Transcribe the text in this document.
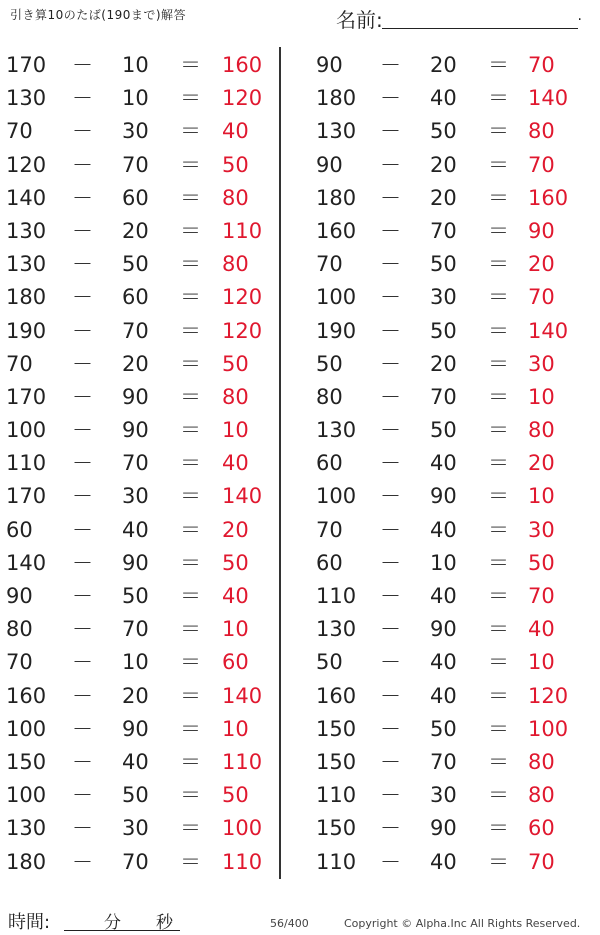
引き算10のたば(190まで)解答	名前:	.
170 － 10 ＝ 160
130 － 10 ＝ 120
70 － 30 ＝ 40
120 － 70 ＝ 50
140 － 60 ＝ 80
130 － 20 ＝ 110
130 － 50 ＝ 80
180 － 60 ＝ 120
190 － 70 ＝ 120
70 － 20 ＝ 50
170 － 90 ＝ 80
100 － 90 ＝ 10
110 － 70 ＝ 40
170 － 30 ＝ 140
60 － 40 ＝ 20
140 － 90 ＝ 50
90 － 50 ＝ 40
80 － 70 ＝ 10
70 － 10 ＝ 60
160 － 20 ＝ 140
100 － 90 ＝ 10
150 － 40 ＝ 110
100 － 50 ＝ 50
130 － 30 ＝ 100
180 － 70 ＝ 110
90 － 20 ＝ 70
180 － 40 ＝ 140
130 － 50 ＝ 80
90 － 20 ＝ 70
180 － 20 ＝ 160
160 － 70 ＝ 90
70 － 50 ＝ 20
100 － 30 ＝ 70
190 － 50 ＝ 140
50 － 20 ＝ 30
80 － 70 ＝ 10
130 － 50 ＝ 80
60 － 40 ＝ 20
100 － 90 ＝ 10
70 － 40 ＝ 30
60 － 10 ＝ 50
110 － 40 ＝ 70
130 － 90 ＝ 40
50 － 40 ＝ 10
160 － 40 ＝ 120
150 － 50 ＝ 100
150 － 70 ＝ 80
110 － 30 ＝ 80
150 － 90 ＝ 60
110 － 40 ＝ 70
時間:	分 秒	56/400	Copyright © Alpha.Inc All Rights Reserved.
